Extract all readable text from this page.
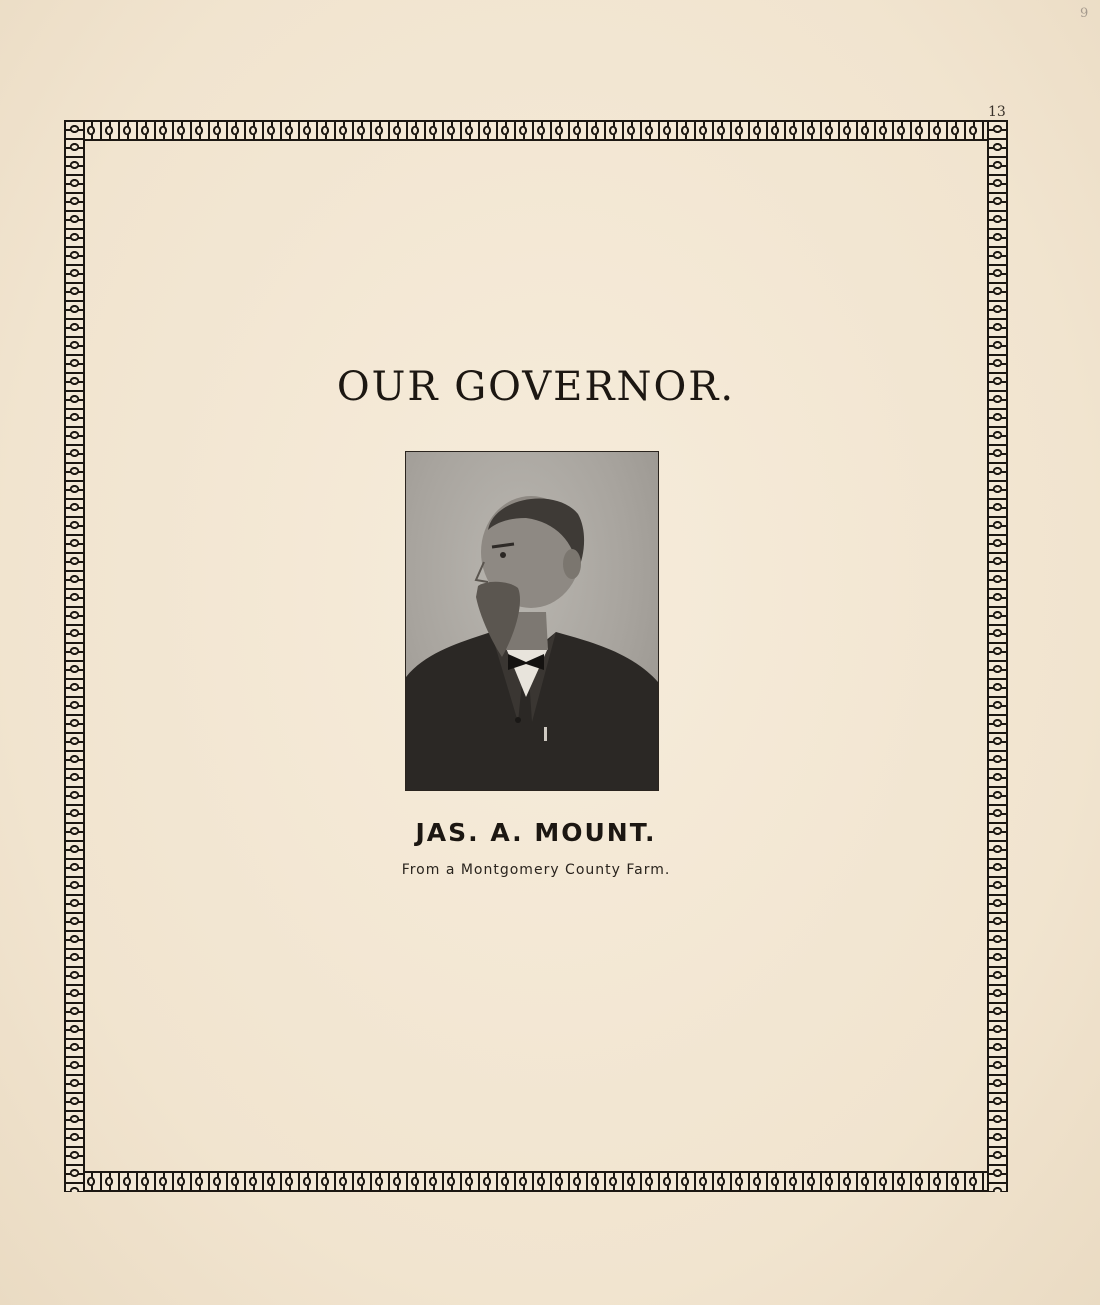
9
13
OUR GOVERNOR.
JAS. A. MOUNT.

From a Montgomery County Farm.
